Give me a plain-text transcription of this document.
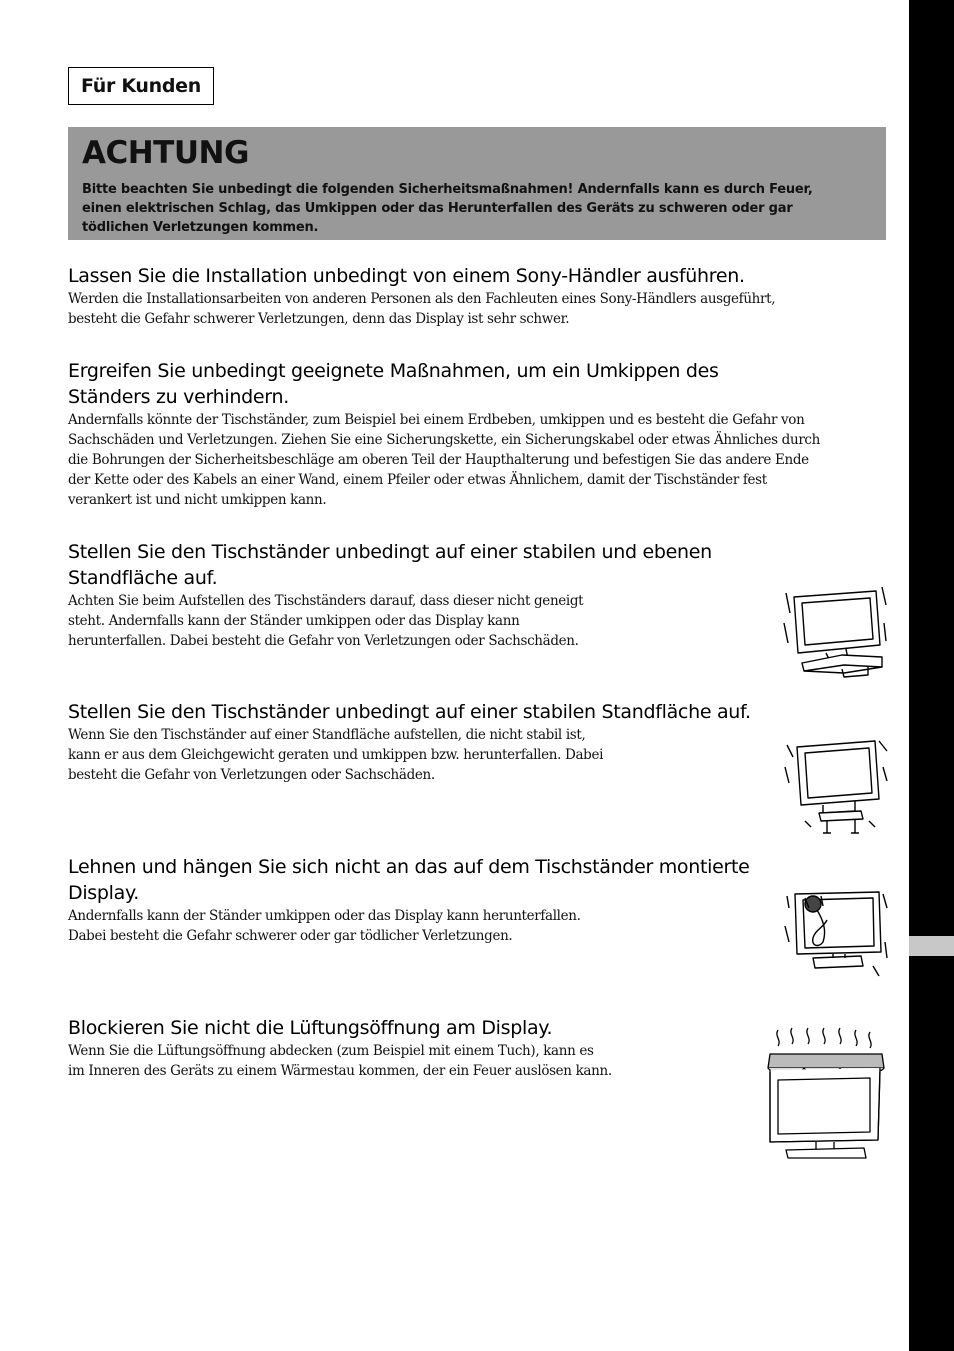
Für Kunden
ACHTUNG

Bitte beachten Sie unbedingt die folgenden Sicherheitsmaßnahmen! Andernfalls kann es durch Feuer,
einen elektrischen Schlag, das Umkippen oder das Herunterfallen des Geräts zu schweren oder gar
tödlichen Verletzungen kommen.

Lassen Sie die Installation unbedingt von einem Sony-Händler ausführen.

Werden die Installationsarbeiten von anderen Personen als den Fachleuten eines Sony-Händlers ausgeführt,
besteht die Gefahr schwerer Verletzungen, denn das Display ist sehr schwer.

Ergreifen Sie unbedingt geeignete Maßnahmen, um ein Umkippen des
Ständers zu verhindern.

Andernfalls könnte der Tischständer, zum Beispiel bei einem Erdbeben, umkippen und es besteht die Gefahr von
Sachschäden und Verletzungen. Ziehen Sie eine Sicherungskette, ein Sicherungskabel oder etwas Ähnliches durch
die Bohrungen der Sicherheitsbeschläge am oberen Teil der Haupthalterung und befestigen Sie das andere Ende
der Kette oder des Kabels an einer Wand, einem Pfeiler oder etwas Ähnlichem, damit der Tischständer fest
verankert ist und nicht umkippen kann.

Stellen Sie den Tischständer unbedingt auf einer stabilen und ebenen
Standfläche auf.

Achten Sie beim Aufstellen des Tischständers darauf, dass dieser nicht geneigt
steht. Andernfalls kann der Ständer umkippen oder das Display kann
herunterfallen. Dabei besteht die Gefahr von Verletzungen oder Sachschäden.

Stellen Sie den Tischständer unbedingt auf einer stabilen Standfläche auf.

Wenn Sie den Tischständer auf einer Standfläche aufstellen, die nicht stabil ist,
kann er aus dem Gleichgewicht geraten und umkippen bzw. herunterfallen. Dabei
besteht die Gefahr von Verletzungen oder Sachschäden.

Lehnen und hängen Sie sich nicht an das auf dem Tischständer montierte
Display.

Andernfalls kann der Ständer umkippen oder das Display kann herunterfallen.
Dabei besteht die Gefahr schwerer oder gar tödlicher Verletzungen.

Blockieren Sie nicht die Lüftungsöffnung am Display.

Wenn Sie die Lüftungsöffnung abdecken (zum Beispiel mit einem Tuch), kann es
im Inneren des Geräts zu einem Wärmestau kommen, der ein Feuer auslösen kann.
